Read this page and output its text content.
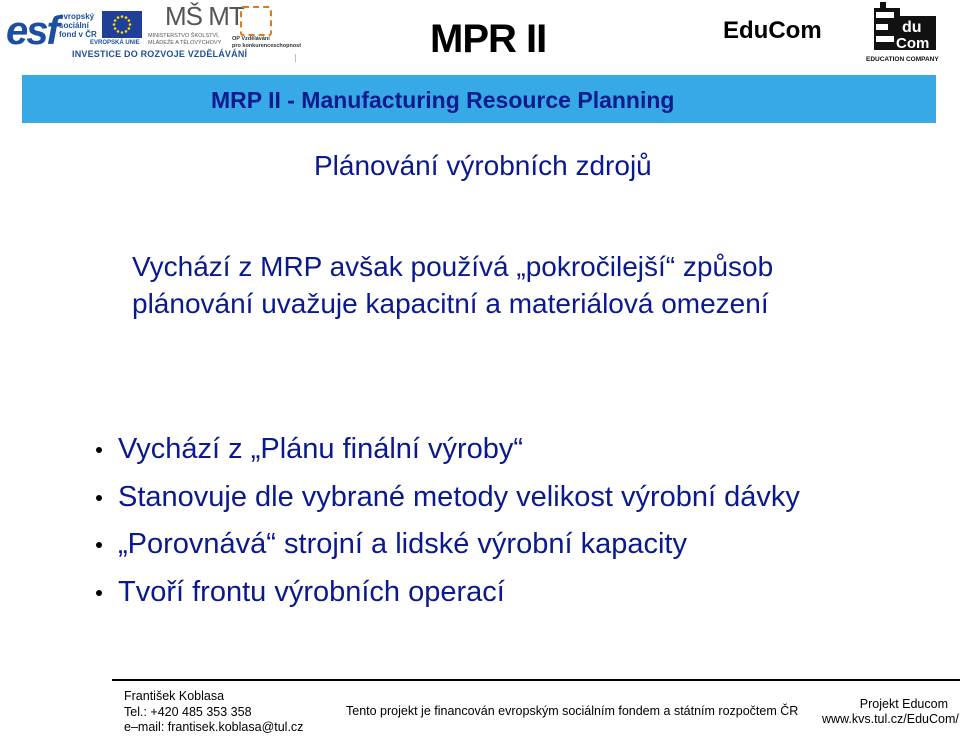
esf evropský
sociální
fond v ČR
EVROPSKÁ UNIE
MŠ MT
MINISTERSTVO ŠKOLSTVÍ,
MLÁDEŽE A TĚLOVÝCHOVY
OP Vzdělávání
pro konkurenceschopnost
INVESTICE DO ROZVOJE VZDĚLÁVÁNÍ	MPR II	EduCom	du
Com
EDUCATION COMPANY
MRP II - Manufacturing Resource Planning
Plánování výrobních zdrojů
Vychází z MRP avšak používá „pokročilejší“ způsob
plánování uvažuje kapacitní a materiálová omezení
Vychází z „Plánu finální výroby“
Stanovuje dle vybrané metody velikost výrobní dávky
„Porovnává“ strojní a lidské výrobní kapacity
Tvoří frontu výrobních operací
František Koblasa
Tel.: +420 485 353 358
e–mail: frantisek.koblasa@tul.cz
Tento projekt je financován evropským sociálním fondem a státním rozpočtem ČR	Projekt Educom
www.kvs.tul.cz/EduCom/
